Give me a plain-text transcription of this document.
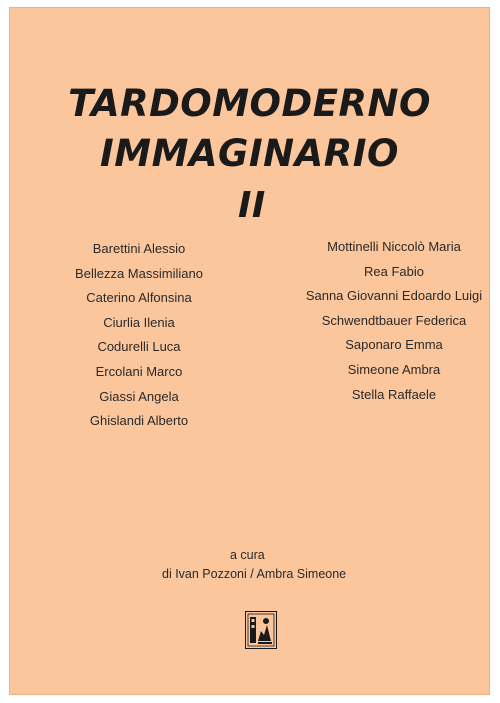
TARDOMODERNO
IMMAGINARIO
II
Barettini Alessio
Bellezza Massimiliano
Caterino Alfonsina
Ciurlia Ilenia
Codurelli Luca
Ercolani Marco
Giassi Angela
Ghislandi Alberto
Mottinelli Niccolò Maria
Rea Fabio
Sanna Giovanni Edoardo Luigi
Schwendtbauer Federica
Saponaro Emma
Simeone Ambra
Stella Raffaele
a cura
di Ivan Pozzoni / Ambra Simeone
